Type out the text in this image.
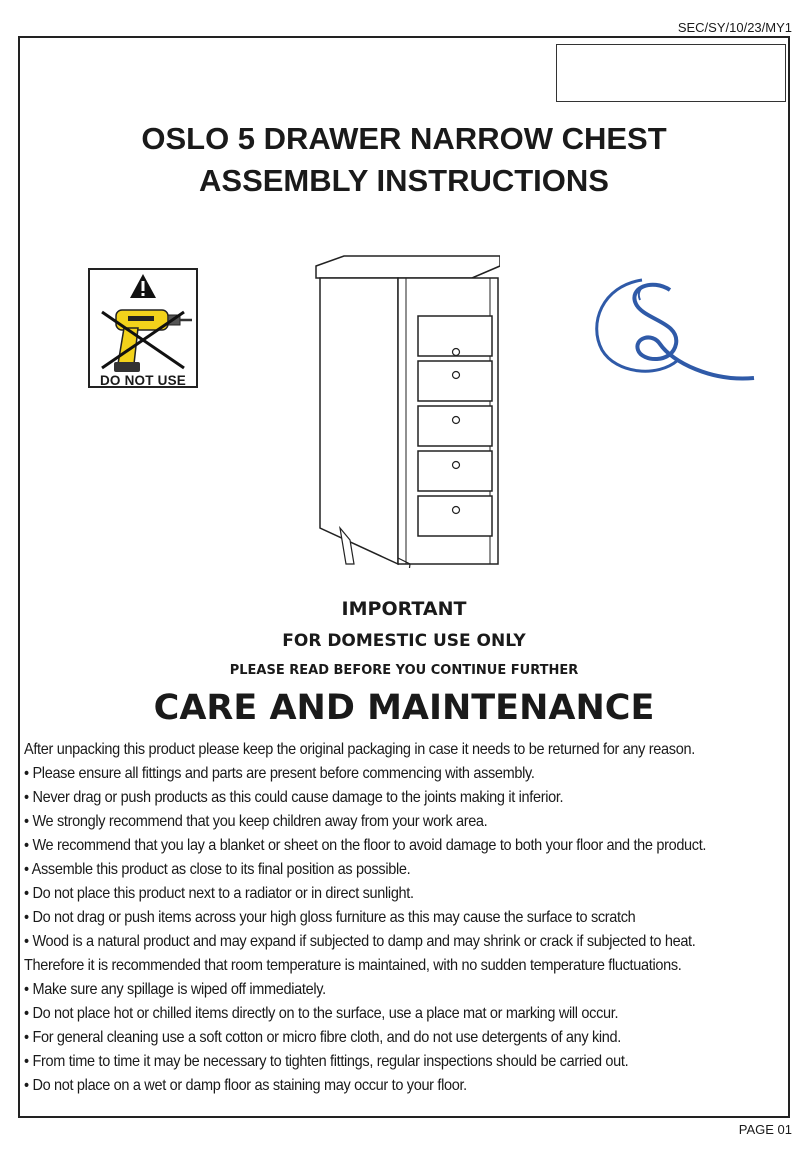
SEC/SY/10/23/MY1
OSLO 5 DRAWER NARROW CHEST
ASSEMBLY INSTRUCTIONS
DO NOT USE
IMPORTANT
FOR DOMESTIC USE ONLY
PLEASE READ BEFORE YOU CONTINUE FURTHER
CARE AND MAINTENANCE
After unpacking this product please keep the original packaging in case it needs to be returned for any reason.
• Please ensure all fittings and parts are present before commencing with assembly.
• Never drag or push products as this could cause damage to the joints making it inferior.
• We strongly recommend that you keep children away from your work area.
• We recommend that you lay a blanket or sheet on the floor to avoid damage to both your floor and the product.
• Assemble this product as close to its final position as possible.
• Do not place this product next to a radiator or in direct sunlight.
• Do not drag or push items across your high gloss furniture as this may cause the surface to scratch
• Wood is a natural product and may expand if subjected to damp and may shrink or crack if subjected to heat.
Therefore it is recommended that room temperature is maintained, with no sudden temperature fluctuations.
• Make sure any spillage is wiped off immediately.
• Do not place hot or chilled items directly on to the surface, use a place mat or marking will occur.
• For general cleaning use a soft cotton or micro fibre cloth, and do not use detergents of any kind.
• From time to time it may be necessary to tighten fittings, regular inspections should be carried out.
• Do not place on a wet or damp floor as staining may occur to your floor.
PAGE 01
